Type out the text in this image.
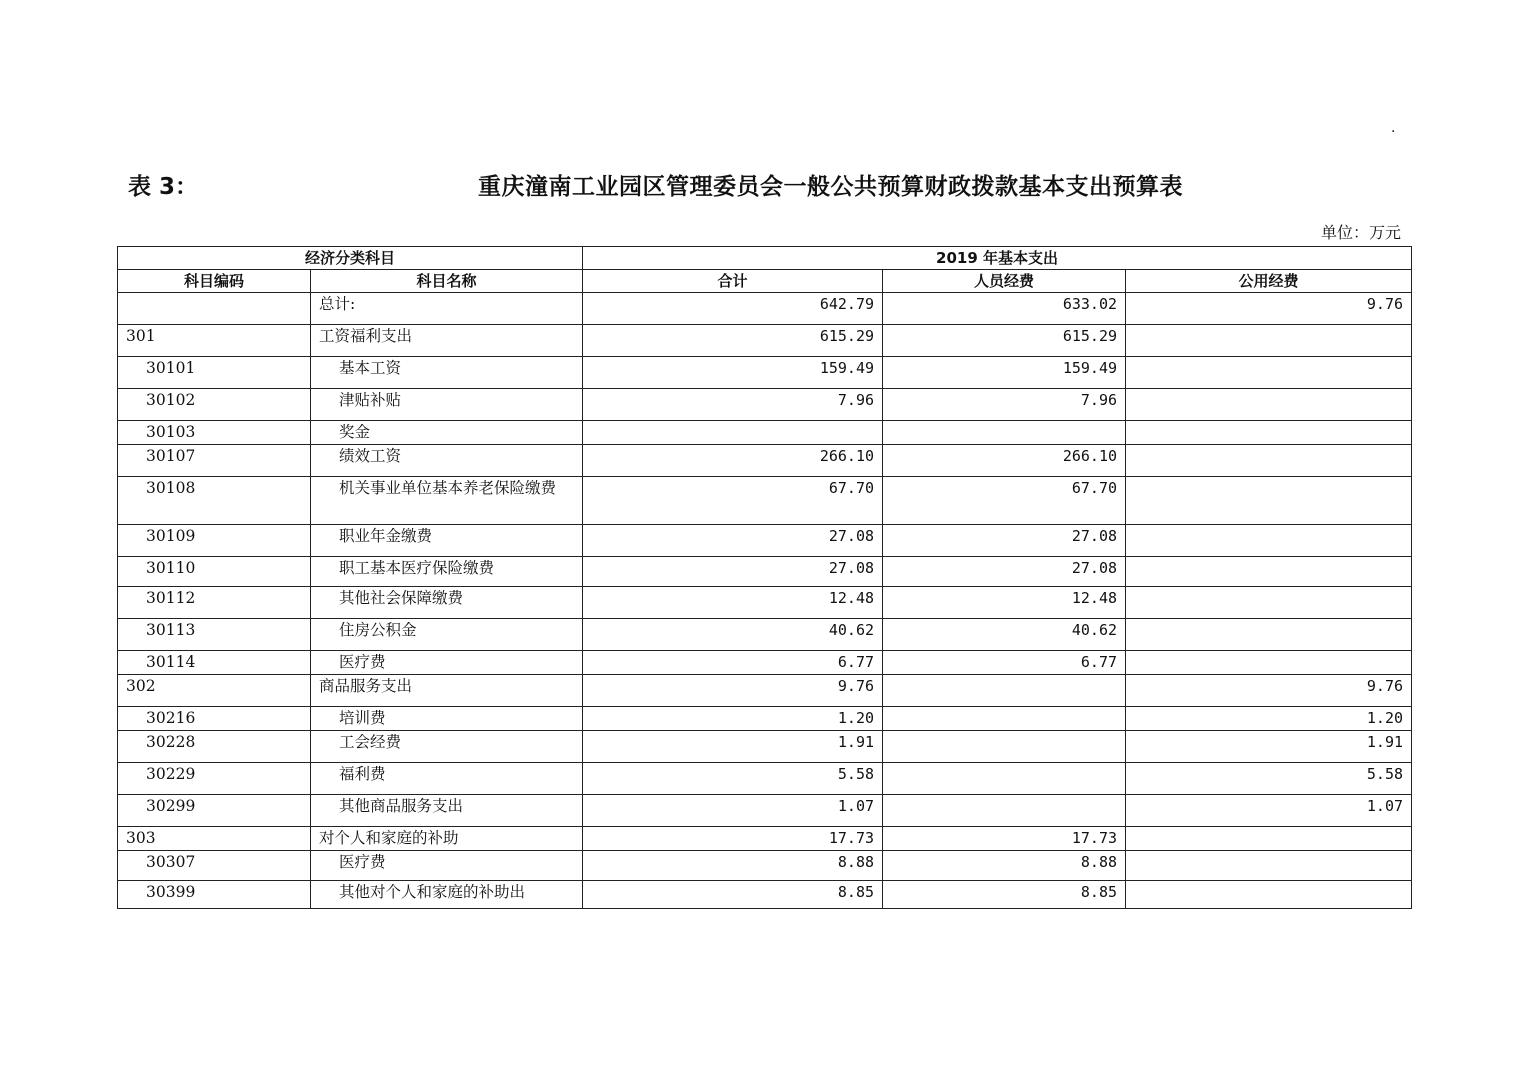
.
表 3：	重庆潼南工业园区管理委员会一般公共预算财政拨款基本支出预算表
单位：万元
经济分类科目		2019 年基本支出		
科目编码	科目名称	合计	人员经费	公用经费
	总计:	642.79	633.02	9.76
301	工资福利支出	615.29	615.29	
30101	基本工资	159.49	159.49	
30102	津贴补贴	7.96	7.96	
30103	奖金			
30107	绩效工资	266.10	266.10	
30108	机关事业单位基本养老保险缴费	67.70	67.70	
30109	职业年金缴费	27.08	27.08	
30110	职工基本医疗保险缴费	27.08	27.08	
30112	其他社会保障缴费	12.48	12.48	
30113	住房公积金	40.62	40.62	
30114	医疗费	6.77	6.77	
302	商品服务支出	9.76		9.76
30216	培训费	1.20		1.20
30228	工会经费	1.91		1.91
30229	福利费	5.58		5.58
30299	其他商品服务支出	1.07		1.07
303	对个人和家庭的补助	17.73	17.73	
30307	医疗费	8.88	8.88	
30399	其他对个人和家庭的补助出	8.85	8.85	
